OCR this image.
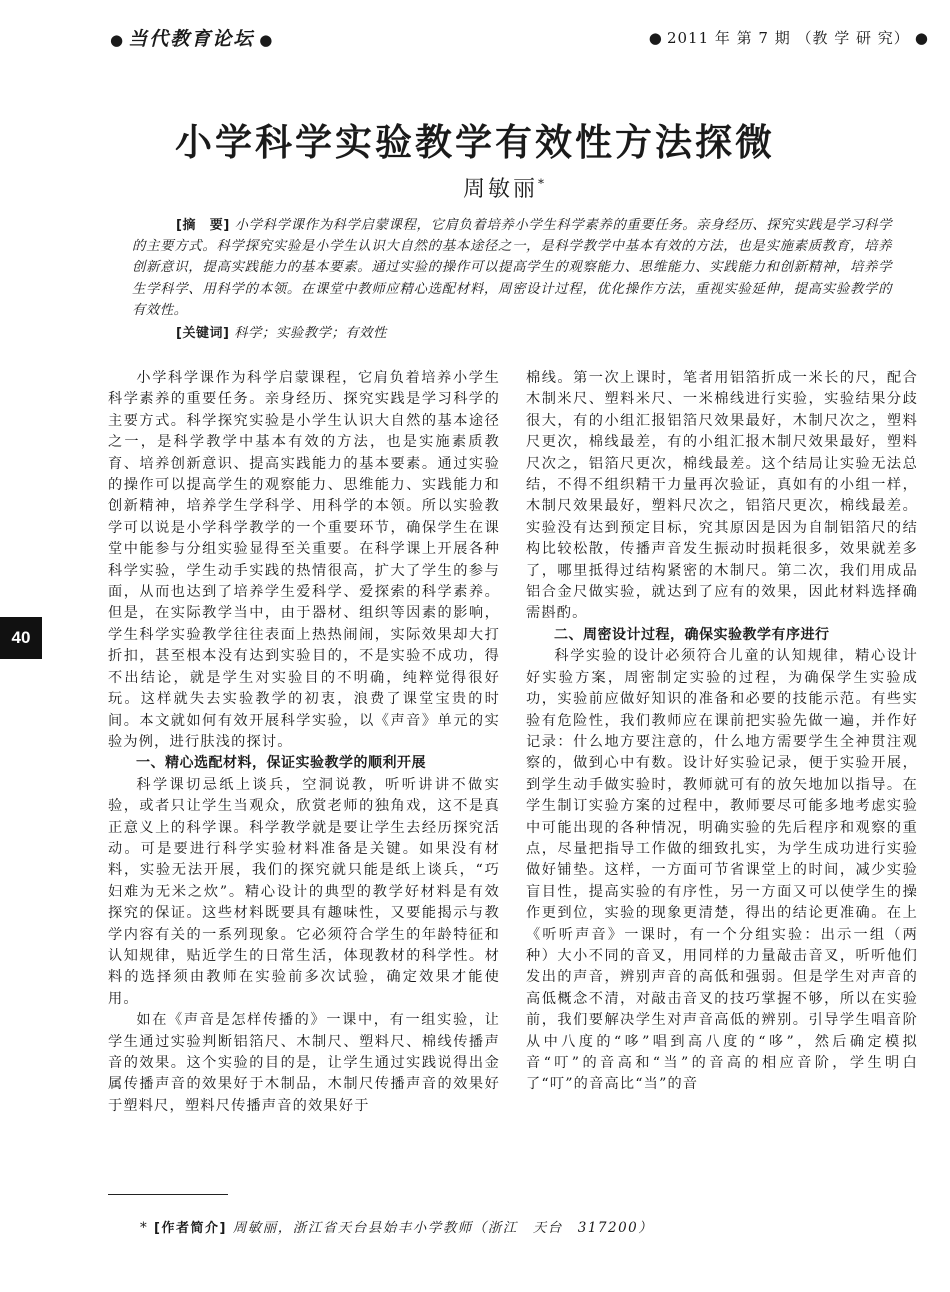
● 当代教育论坛 ●	● 2011 年 第 7 期 （教 学 研 究） ●
小学科学实验教学有效性方法探微
周敏丽*
[摘　要] 小学科学课作为科学启蒙课程，它肩负着培养小学生科学素养的重要任务。亲身经历、探究实践是学习科学的主要方式。科学探究实验是小学生认识大自然的基本途径之一，是科学教学中基本有效的方法，也是实施素质教育，培养创新意识，提高实践能力的基本要素。通过实验的操作可以提高学生的观察能力、思维能力、实践能力和创新精神，培养学生学科学、用科学的本领。在课堂中教师应精心选配材料，周密设计过程，优化操作方法，重视实验延伸，提高实验教学的有效性。
[关键词] 科学；实验教学；有效性

小学科学课作为科学启蒙课程，它肩负着培养小学生科学素养的重要任务。亲身经历、探究实践是学习科学的主要方式。科学探究实验是小学生认识大自然的基本途径之一，是科学教学中基本有效的方法，也是实施素质教育、培养创新意识、提高实践能力的基本要素。通过实验的操作可以提高学生的观察能力、思维能力、实践能力和创新精神，培养学生学科学、用科学的本领。所以实验教学可以说是小学科学教学的一个重要环节，确保学生在课堂中能参与分组实验显得至关重要。在科学课上开展各种科学实验，学生动手实践的热情很高，扩大了学生的参与面，从而也达到了培养学生爱科学、爱探索的科学素养。但是，在实际教学当中，由于器材、组织等因素的影响，学生科学实验教学往往表面上热热闹闹，实际效果却大打折扣，甚至根本没有达到实验目的，不是实验不成功，得不出结论，就是学生对实验目的不明确，纯粹觉得很好玩。这样就失去实验教学的初衷，浪费了课堂宝贵的时间。本文就如何有效开展科学实验，以《声音》单元的实验为例，进行肤浅的探讨。

一、精心选配材料，保证实验教学的顺利开展

科学课切忌纸上谈兵，空洞说教，听听讲讲不做实验，或者只让学生当观众，欣赏老师的独角戏，这不是真正意义上的科学课。科学教学就是要让学生去经历探究活动。可是要进行科学实验材料准备是关键。如果没有材料，实验无法开展，我们的探究就只能是纸上谈兵，“巧妇难为无米之炊”。精心设计的典型的教学好材料是有效探究的保证。这些材料既要具有趣味性，又要能揭示与教学内容有关的一系列现象。它必须符合学生的年龄特征和认知规律，贴近学生的日常生活，体现教材的科学性。材料的选择须由教师在实验前多次试验，确定效果才能使用。

如在《声音是怎样传播的》一课中，有一组实验，让学生通过实验判断铝箔尺、木制尺、塑料尺、棉线传播声音的效果。这个实验的目的是，让学生通过实践说得出金属传播声音的效果好于木制品，木制尺传播声音的效果好于塑料尺，塑料尺传播声音的效果好于

棉线。第一次上课时，笔者用铝箔折成一米长的尺，配合木制米尺、塑料米尺、一米棉线进行实验，实验结果分歧很大，有的小组汇报铝箔尺效果最好，木制尺次之，塑料尺更次，棉线最差，有的小组汇报木制尺效果最好，塑料尺次之，铝箔尺更次，棉线最差。这个结局让实验无法总结，不得不组织精干力量再次验证，真如有的小组一样，木制尺效果最好，塑料尺次之，铝箔尺更次，棉线最差。实验没有达到预定目标，究其原因是因为自制铝箔尺的结构比较松散，传播声音发生振动时损耗很多，效果就差多了，哪里抵得过结构紧密的木制尺。第二次，我们用成品铝合金尺做实验，就达到了应有的效果，因此材料选择确需斟酌。

二、周密设计过程，确保实验教学有序进行

科学实验的设计必须符合儿童的认知规律，精心设计好实验方案，周密制定实验的过程，为确保学生实验成功，实验前应做好知识的准备和必要的技能示范。有些实验有危险性，我们教师应在课前把实验先做一遍，并作好记录：什么地方要注意的，什么地方需要学生全神贯注观察的，做到心中有数。设计好实验记录，便于实验开展，到学生动手做实验时，教师就可有的放矢地加以指导。在学生制订实验方案的过程中，教师要尽可能多地考虑实验中可能出现的各种情况，明确实验的先后程序和观察的重点，尽量把指导工作做的细致扎实，为学生成功进行实验做好铺垫。这样，一方面可节省课堂上的时间，减少实验盲目性，提高实验的有序性，另一方面又可以使学生的操作更到位，实验的现象更清楚，得出的结论更准确。在上《听听声音》一课时，有一个分组实验：出示一组（两种）大小不同的音叉，用同样的力量敲击音叉，听听他们发出的声音，辨别声音的高低和强弱。但是学生对声音的高低概念不清，对敲击音叉的技巧掌握不够，所以在实验前，我们要解决学生对声音高低的辨别。引导学生唱音阶从中八度的“哆”唱到高八度的“哆”，然后确定模拟音“叮”的音高和“当”的音高的相应音阶，学生明白了“叮”的音高比“当”的音

40
* [作者简介] 周敏丽，浙江省天台县始丰小学教师（浙江　天台　317200）
